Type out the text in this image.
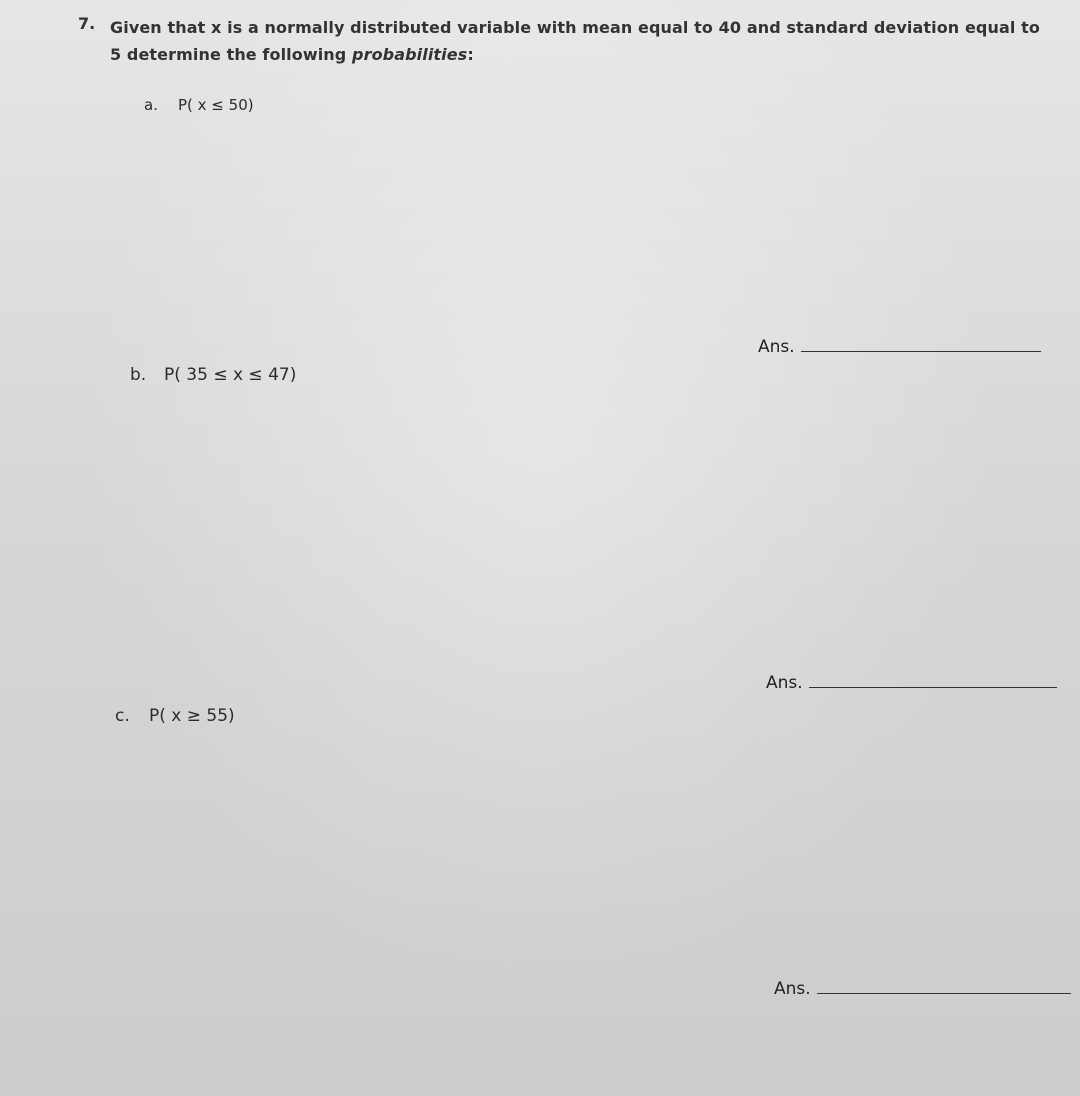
7. Given that x is a normally distributed variable with mean equal to 40 and standard deviation equal to 5 determine the following probabilities:
a. P( x ≤ 50)
Ans.
b. P( 35 ≤ x ≤ 47)
Ans.
c. P( x ≥ 55)
Ans.
